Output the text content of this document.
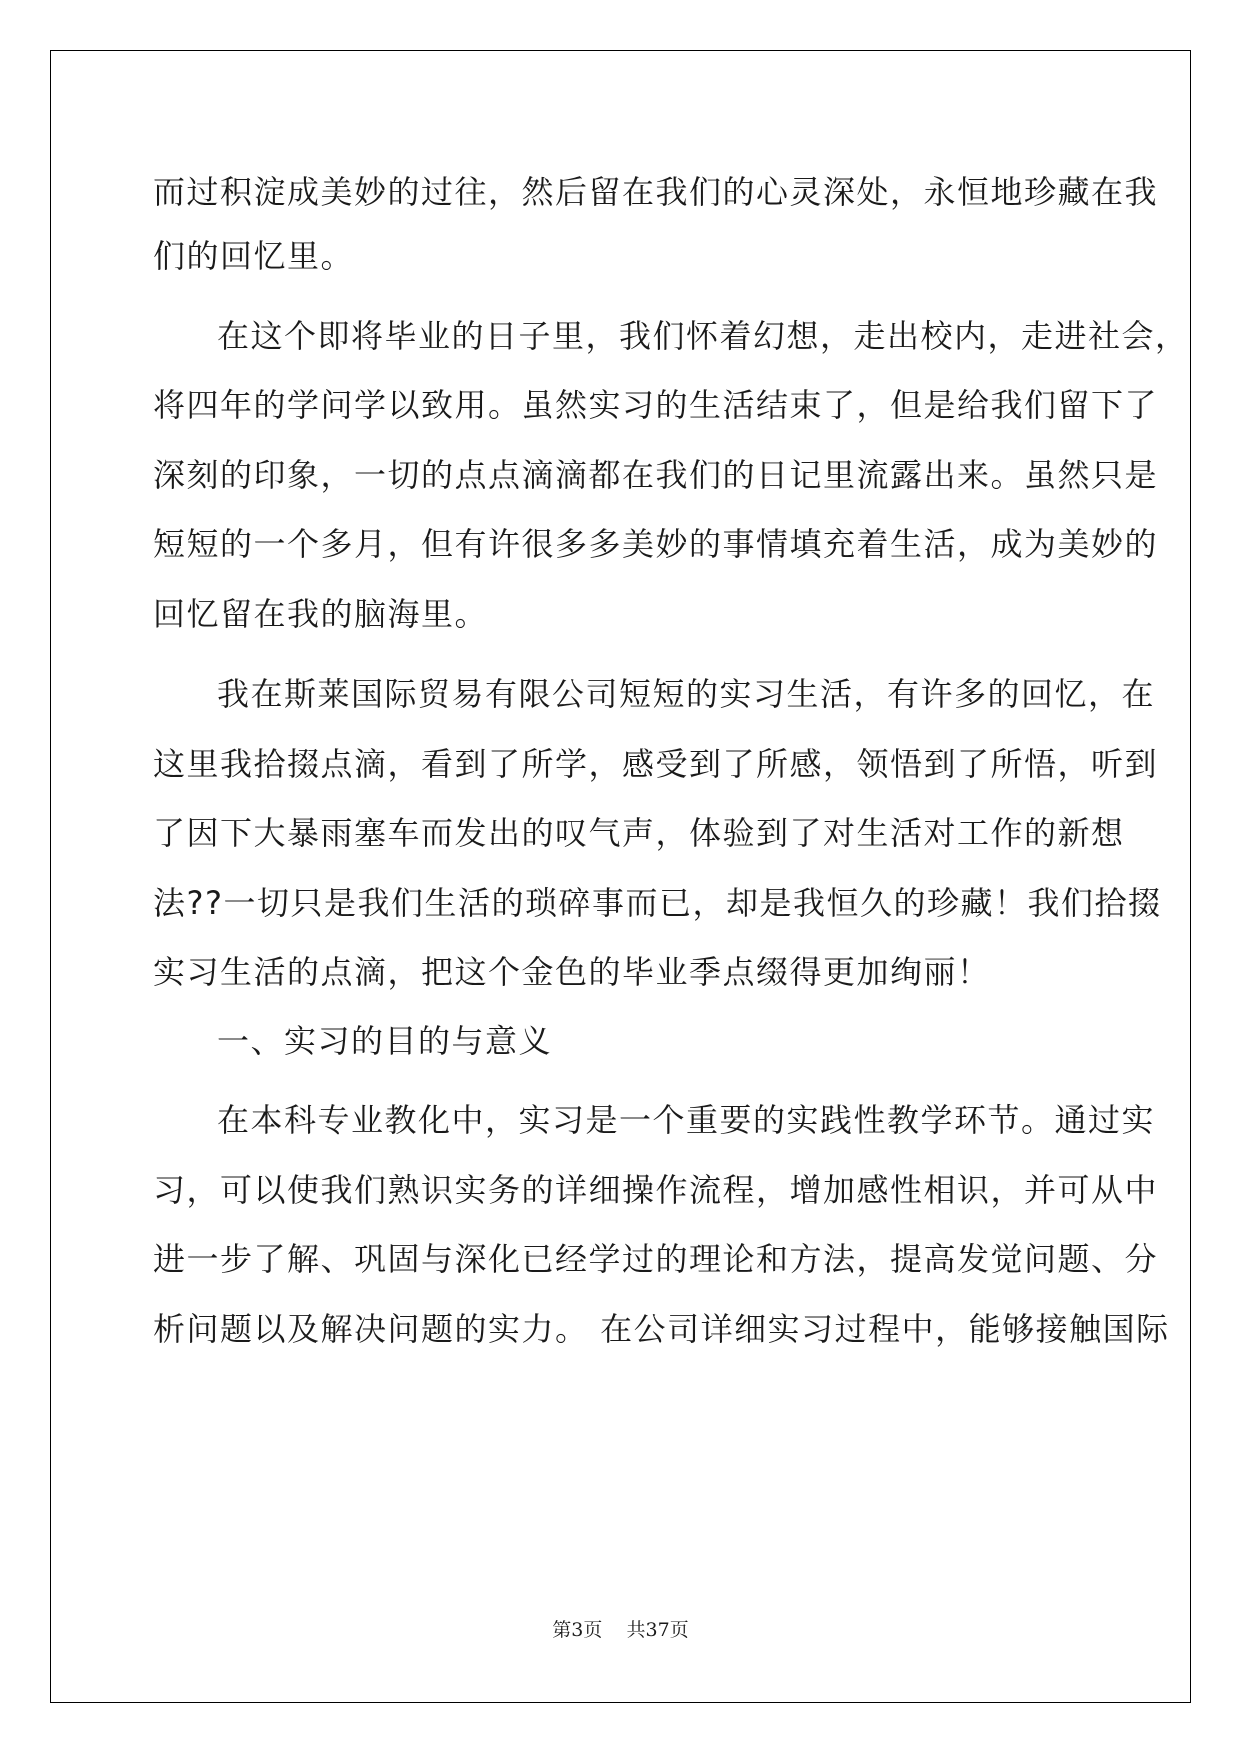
而过积淀成美妙的过往，然后留在我们的心灵深处，永恒地珍藏在我
们的回忆里。
在这个即将毕业的日子里，我们怀着幻想，走出校内，走进社会，
将四年的学问学以致用。虽然实习的生活结束了，但是给我们留下了
深刻的印象，一切的点点滴滴都在我们的日记里流露出来。虽然只是
短短的一个多月，但有许很多多美妙的事情填充着生活，成为美妙的
回忆留在我的脑海里。
我在斯莱国际贸易有限公司短短的实习生活，有许多的回忆，在
这里我拾掇点滴，看到了所学，感受到了所感，领悟到了所悟，听到
了因下大暴雨塞车而发出的叹气声，体验到了对生活对工作的新想
法??一切只是我们生活的琐碎事而已，却是我恒久的珍藏！我们拾掇
实习生活的点滴，把这个金色的毕业季点缀得更加绚丽！
一、实习的目的与意义
在本科专业教化中，实习是一个重要的实践性教学环节。通过实
习，可以使我们熟识实务的详细操作流程，增加感性相识，并可从中
进一步了解、巩固与深化已经学过的理论和方法，提高发觉问题、分
析问题以及解决问题的实力。 在公司详细实习过程中，能够接触国际
第3页 共37页
